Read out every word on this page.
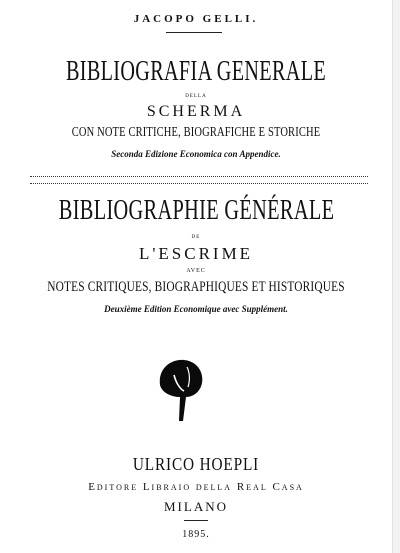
JACOPO GELLI.
BIBLIOGRAFIA GENERALE
DELLA
SCHERMA
CON NOTE CRITICHE, BIOGRAFICHE E STORICHE
Seconda Edizione Economica con Appendice.
BIBLIOGRAPHIE GÉNÉRALE
DE
L'ESCRIME
AVEC
NOTES CRITIQUES, BIOGRAPHIQUES ET HISTORIQUES
Deuxième Edition Economique avec Supplément.
ULRICO HOEPLI
Editore Libraio della Real Casa
MILANO
1895.
